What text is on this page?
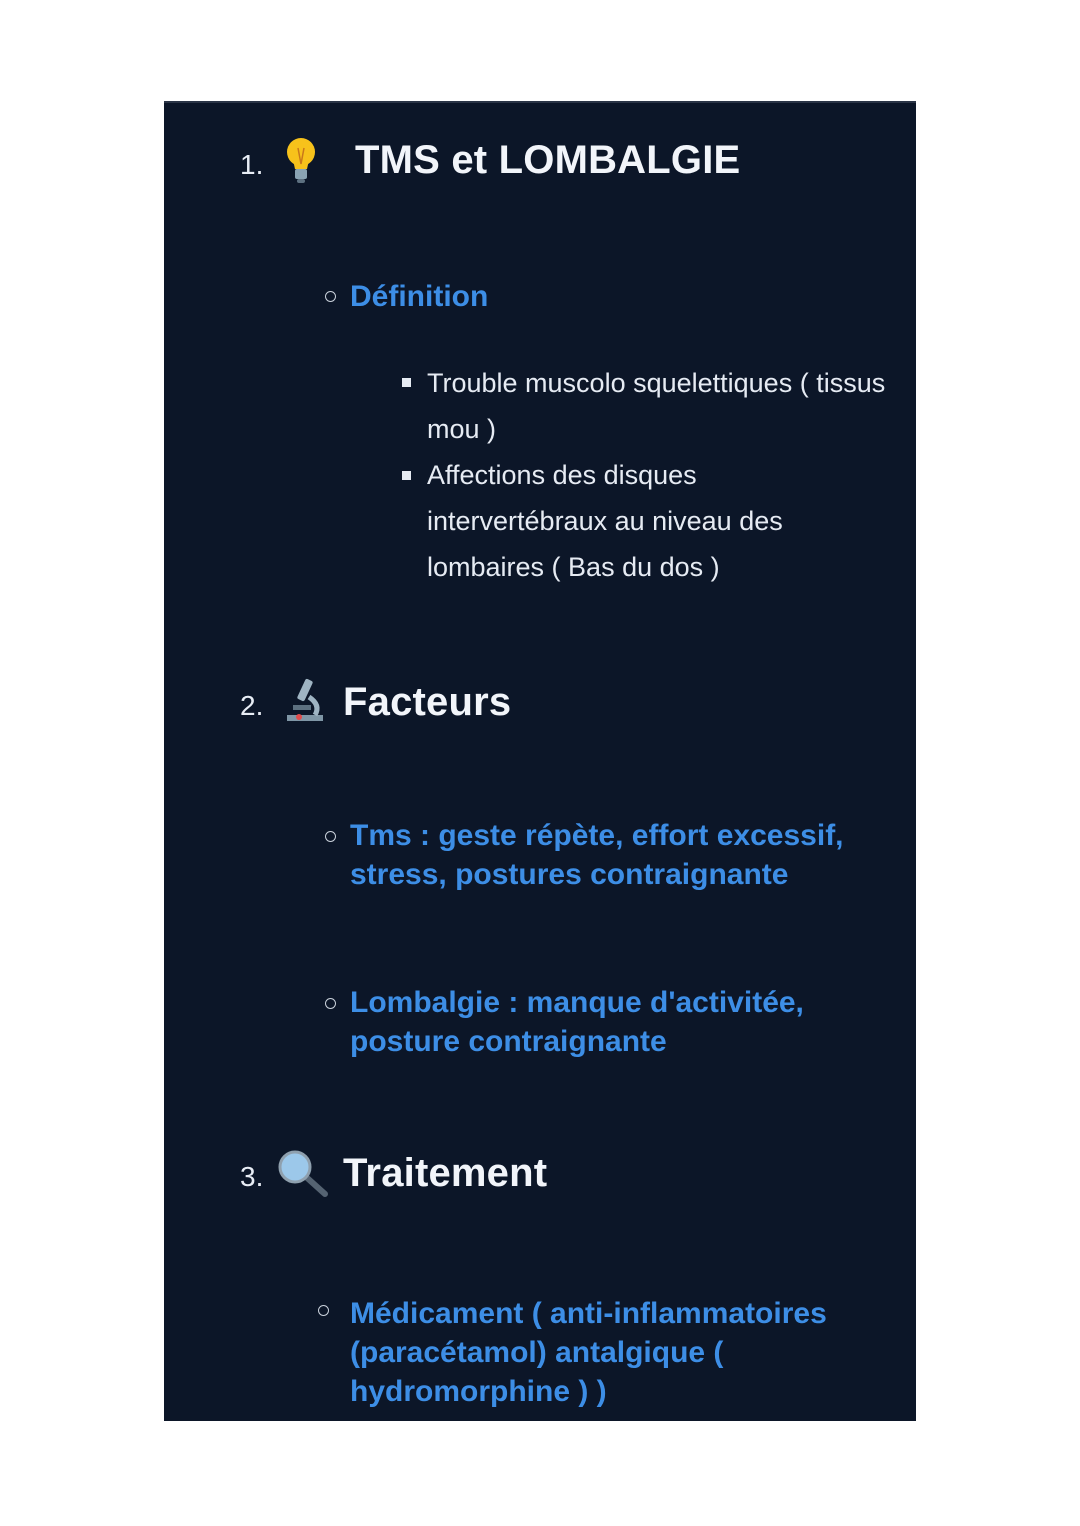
1. TMS et LOMBALGIE
Définition
Trouble muscolo squelettiques ( tissus mou )
Affections des disques intervertébraux au niveau des lombaires ( Bas du dos )
2. Facteurs
Tms : geste répète, effort excessif, stress, postures contraignante
Lombalgie : manque d'activitée, posture contraignante
3. Traitement
Médicament ( anti-inflammatoires (paracétamol) antalgique ( hydromorphine ) )
